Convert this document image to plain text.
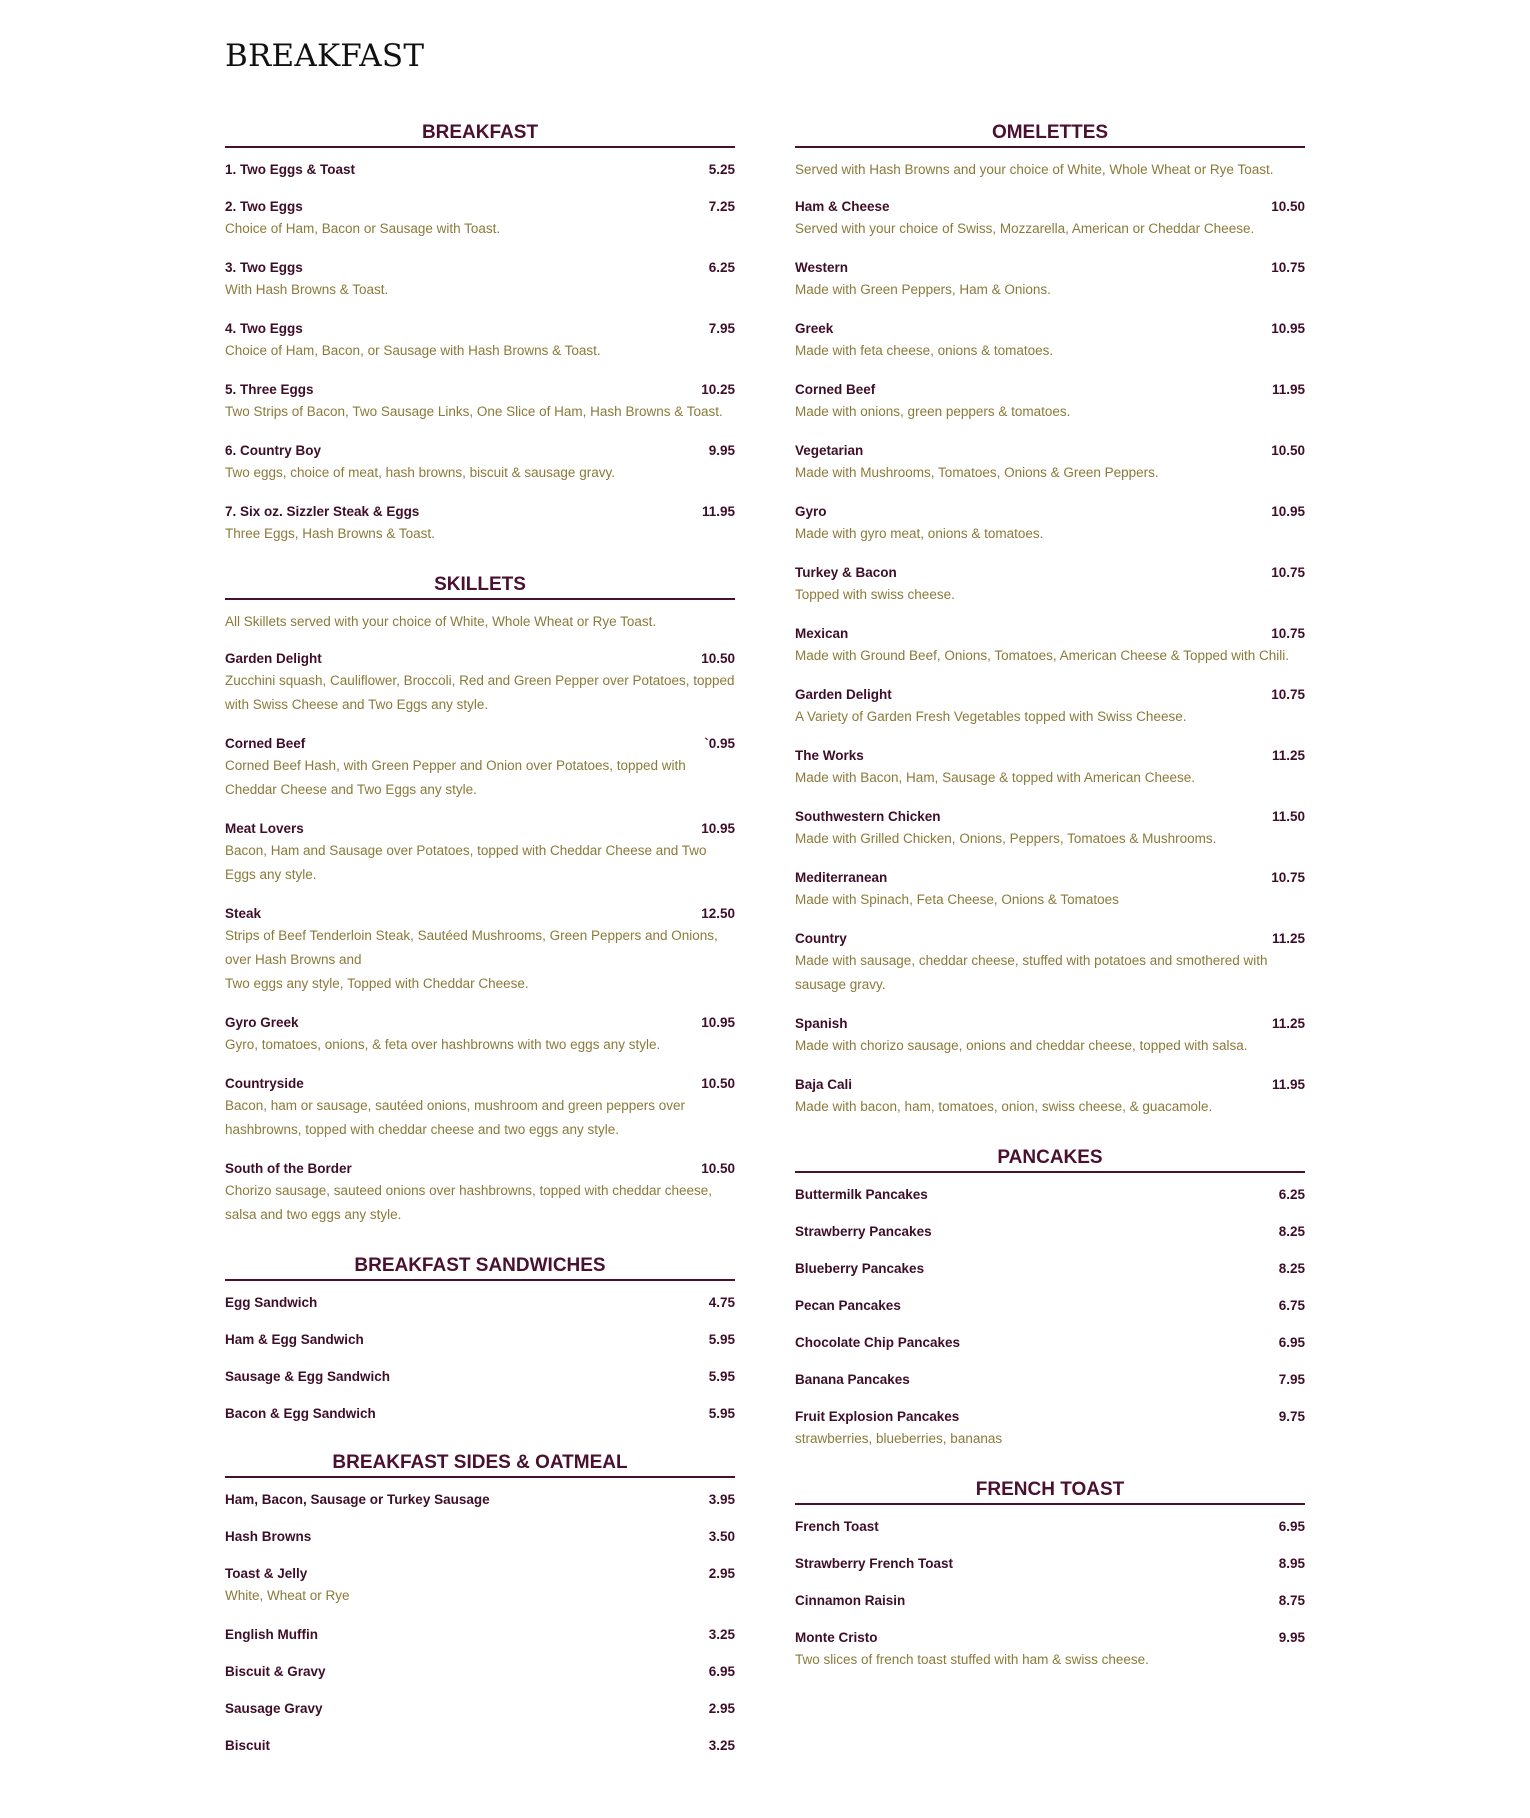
BREAKFAST
BREAKFAST
1. Two Eggs & Toast	5.25
2. Two Eggs	7.25

Choice of Ham, Bacon or Sausage with Toast.

3. Two Eggs	6.25

With Hash Browns & Toast.

4. Two Eggs	7.95

Choice of Ham, Bacon, or Sausage with Hash Browns & Toast.

5. Three Eggs	10.25

Two Strips of Bacon, Two Sausage Links, One Slice of Ham, Hash Browns & Toast.

6. Country Boy	9.95

Two eggs, choice of meat, hash browns, biscuit & sausage gravy.

7. Six oz. Sizzler Steak & Eggs	11.95

Three Eggs, Hash Browns & Toast.

SKILLETS

All Skillets served with your choice of White, Whole Wheat or Rye Toast.

Garden Delight	10.50

Zucchini squash, Cauliflower, Broccoli, Red and Green Pepper over Potatoes, topped with Swiss Cheese and Two Eggs any style.

Corned Beef	`0.95

Corned Beef Hash, with Green Pepper and Onion over Potatoes, topped with Cheddar Cheese and Two Eggs any style.

Meat Lovers	10.95

Bacon, Ham and Sausage over Potatoes, topped with Cheddar Cheese and Two Eggs any style.

Steak	12.50

Strips of Beef Tenderloin Steak, Sautéed Mushrooms, Green Peppers and Onions, over Hash Browns and
Two eggs any style, Topped with Cheddar Cheese.

Gyro Greek	10.95

Gyro, tomatoes, onions, & feta over hashbrowns with two eggs any style.

Countryside	10.50

Bacon, ham or sausage, sautéed onions, mushroom and green peppers over hashbrowns, topped with cheddar cheese and two eggs any style.

South of the Border	10.50

Chorizo sausage, sauteed onions over hashbrowns, topped with cheddar cheese, salsa and two eggs any style.

BREAKFAST SANDWICHES
Egg Sandwich	4.75
Ham & Egg Sandwich	5.95
Sausage & Egg Sandwich	5.95
Bacon & Egg Sandwich	5.95
BREAKFAST SIDES & OATMEAL
Ham, Bacon, Sausage or Turkey Sausage	3.95
Hash Browns	3.50
Toast & Jelly	2.95

White, Wheat or Rye

English Muffin	3.25
Biscuit & Gravy	6.95
Sausage Gravy	2.95
Biscuit	3.25
OMELETTES

Served with Hash Browns and your choice of White, Whole Wheat or Rye Toast.

Ham & Cheese	10.50

Served with your choice of Swiss, Mozzarella, American or Cheddar Cheese.

Western	10.75

Made with Green Peppers, Ham & Onions.

Greek	10.95

Made with feta cheese, onions & tomatoes.

Corned Beef	11.95

Made with onions, green peppers & tomatoes.

Vegetarian	10.50

Made with Mushrooms, Tomatoes, Onions & Green Peppers.

Gyro	10.95

Made with gyro meat, onions & tomatoes.

Turkey & Bacon	10.75

Topped with swiss cheese.

Mexican	10.75

Made with Ground Beef, Onions, Tomatoes, American Cheese & Topped with Chili.

Garden Delight	10.75

A Variety of Garden Fresh Vegetables topped with Swiss Cheese.

The Works	11.25

Made with Bacon, Ham, Sausage & topped with American Cheese.

Southwestern Chicken	11.50

Made with Grilled Chicken, Onions, Peppers, Tomatoes & Mushrooms.

Mediterranean	10.75

Made with Spinach, Feta Cheese, Onions & Tomatoes

Country	11.25

Made with sausage, cheddar cheese, stuffed with potatoes and smothered with sausage gravy.

Spanish	11.25

Made with chorizo sausage, onions and cheddar cheese, topped with salsa.

Baja Cali	11.95

Made with bacon, ham, tomatoes, onion, swiss cheese, & guacamole.

PANCAKES
Buttermilk Pancakes	6.25
Strawberry Pancakes	8.25
Blueberry Pancakes	8.25
Pecan Pancakes	6.75
Chocolate Chip Pancakes	6.95
Banana Pancakes	7.95
Fruit Explosion Pancakes	9.75

strawberries, blueberries, bananas

FRENCH TOAST
French Toast	6.95
Strawberry French Toast	8.95
Cinnamon Raisin	8.75
Monte Cristo	9.95

Two slices of french toast stuffed with ham & swiss cheese.
